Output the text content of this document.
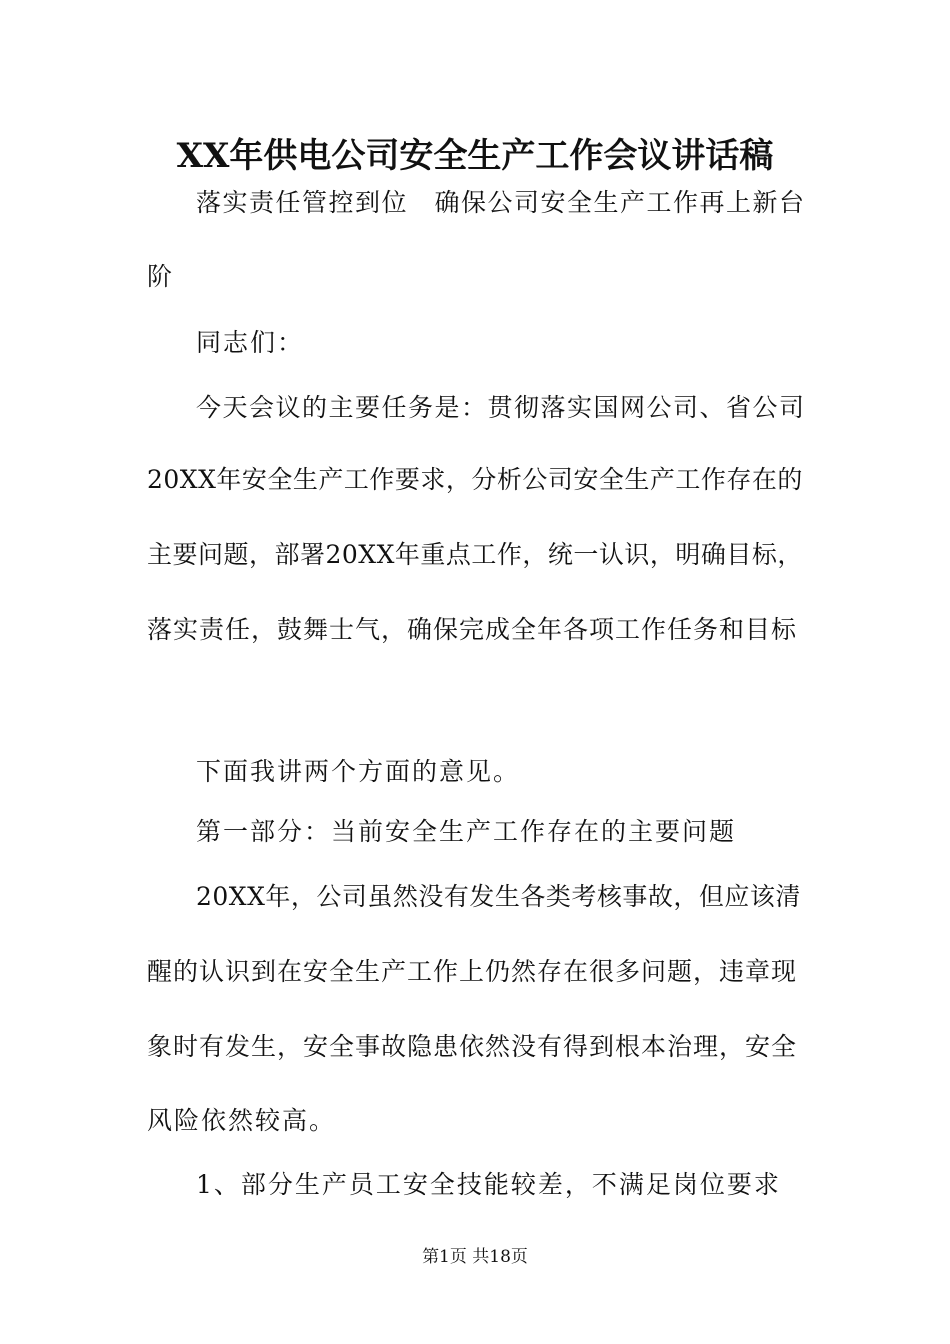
XX年供电公司安全生产工作会议讲话稿
落实责任管控到位　确保公司安全生产工作再上新台
阶
同志们：
今天会议的主要任务是：贯彻落实国网公司、省公司
20XX年安全生产工作要求，分析公司安全生产工作存在的
主要问题，部署20XX年重点工作，统一认识，明确目标，
落实责任，鼓舞士气，确保完成全年各项工作任务和目标
下面我讲两个方面的意见。
第一部分：当前安全生产工作存在的主要问题
20XX年，公司虽然没有发生各类考核事故，但应该清
醒的认识到在安全生产工作上仍然存在很多问题，违章现
象时有发生，安全事故隐患依然没有得到根本治理，安全
风险依然较高。
1、部分生产员工安全技能较差，不满足岗位要求
第1页 共18页
